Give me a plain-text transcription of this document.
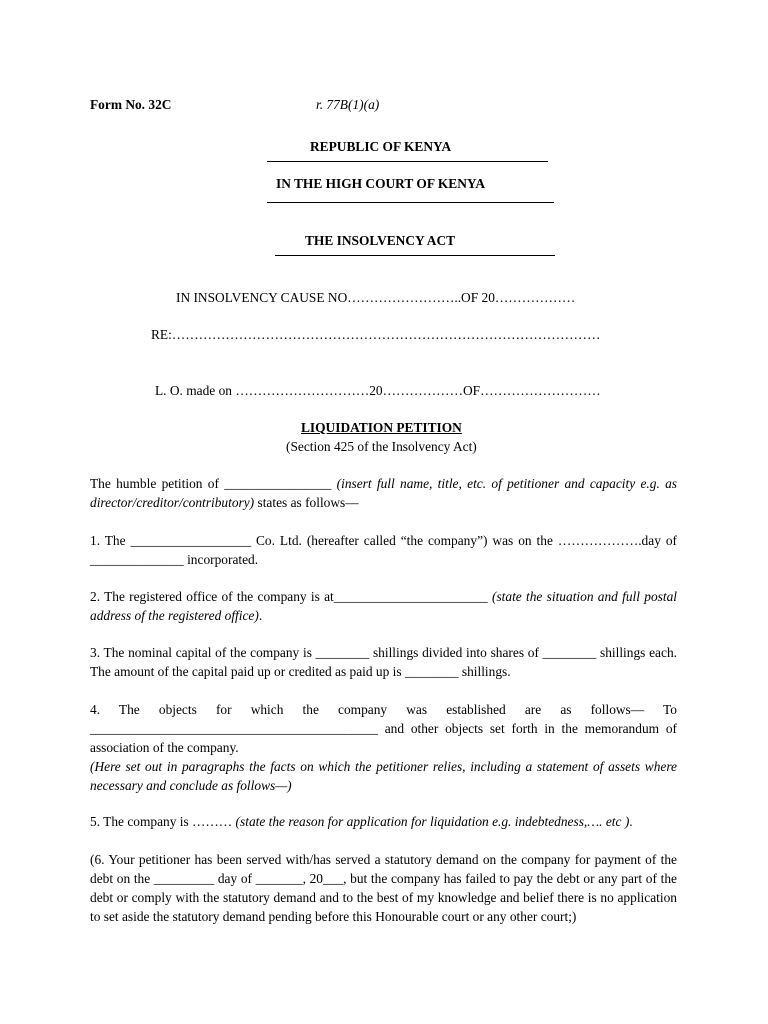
Form No. 32C	r. 77B(1)(a)
REPUBLIC OF KENYA
IN THE HIGH COURT OF KENYA
THE INSOLVENCY ACT
IN INSOLVENCY CAUSE NO……………………..OF 20………………
RE:……………………………………………………………………………………
L. O. made on …………………………20………………OF………………………
LIQUIDATION PETITION
(Section 425 of the Insolvency Act)
The humble petition of ________________ (insert full name, title, etc. of petitioner and capacity e.g. as director/creditor/contributory) states as follows—
1. The __________________ Co. Ltd. (hereafter called “the company”) was on the ……………….day of ______________ incorporated.
2. The registered office of the company is at_______________________ (state the situation and full postal address of the registered office).
3. The nominal capital of the company is ________ shillings divided into shares of ________ shillings each. The amount of the capital paid up or credited as paid up is ________ shillings.
4. The objects for which the company was established are as follows— To ___________________________________________ and other objects set forth in the memorandum of association of the company.
(Here set out in paragraphs the facts on which the petitioner relies, including a statement of assets where necessary and conclude as follows—)
5. The company is ……… (state the reason for application for liquidation e.g. indebtedness,…. etc ).
(6. Your petitioner has been served with/has served a statutory demand on the company for payment of the debt on the _________ day of _______, 20___, but the company has failed to pay the debt or any part of the debt or comply with the statutory demand and to the best of my knowledge and belief there is no application to set aside the statutory demand pending before this Honourable court or any other court;)
